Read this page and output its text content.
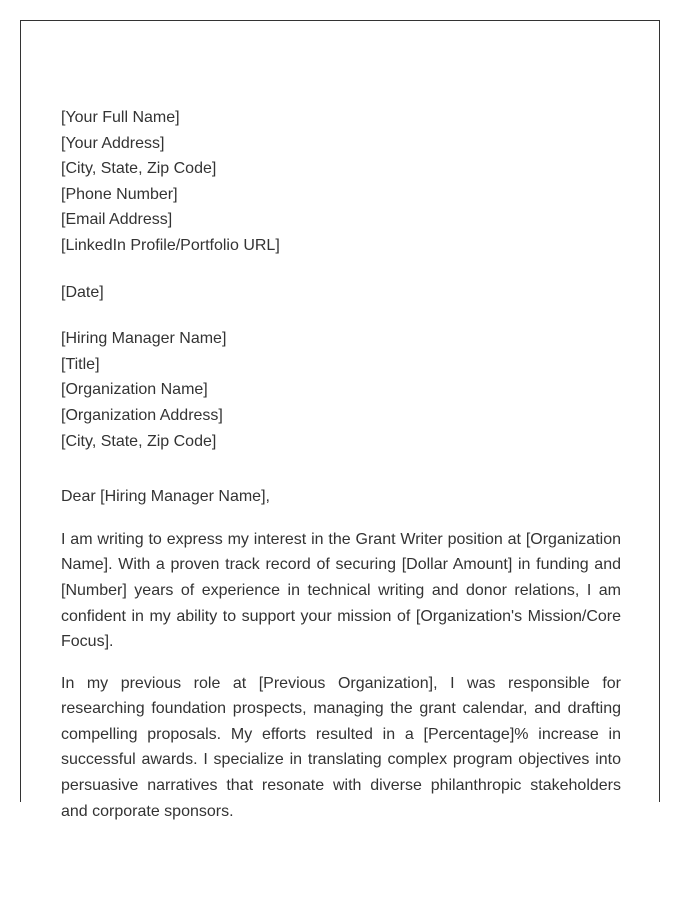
[Your Full Name]
[Your Address]
[City, State, Zip Code]
[Phone Number]
[Email Address]
[LinkedIn Profile/Portfolio URL]
[Date]
[Hiring Manager Name]
[Title]
[Organization Name]
[Organization Address]
[City, State, Zip Code]
Dear [Hiring Manager Name],

I am writing to express my interest in the Grant Writer position at [Organization Name]. With a proven track record of securing [Dollar Amount] in funding and [Number] years of experience in technical writing and donor relations, I am confident in my ability to support your mission of [Organization's Mission/Core Focus].

In my previous role at [Previous Organization], I was responsible for researching foundation prospects, managing the grant calendar, and drafting compelling proposals. My efforts resulted in a [Percentage]% increase in successful awards. I specialize in translating complex program objectives into persuasive narratives that resonate with diverse philanthropic stakeholders and corporate sponsors.
